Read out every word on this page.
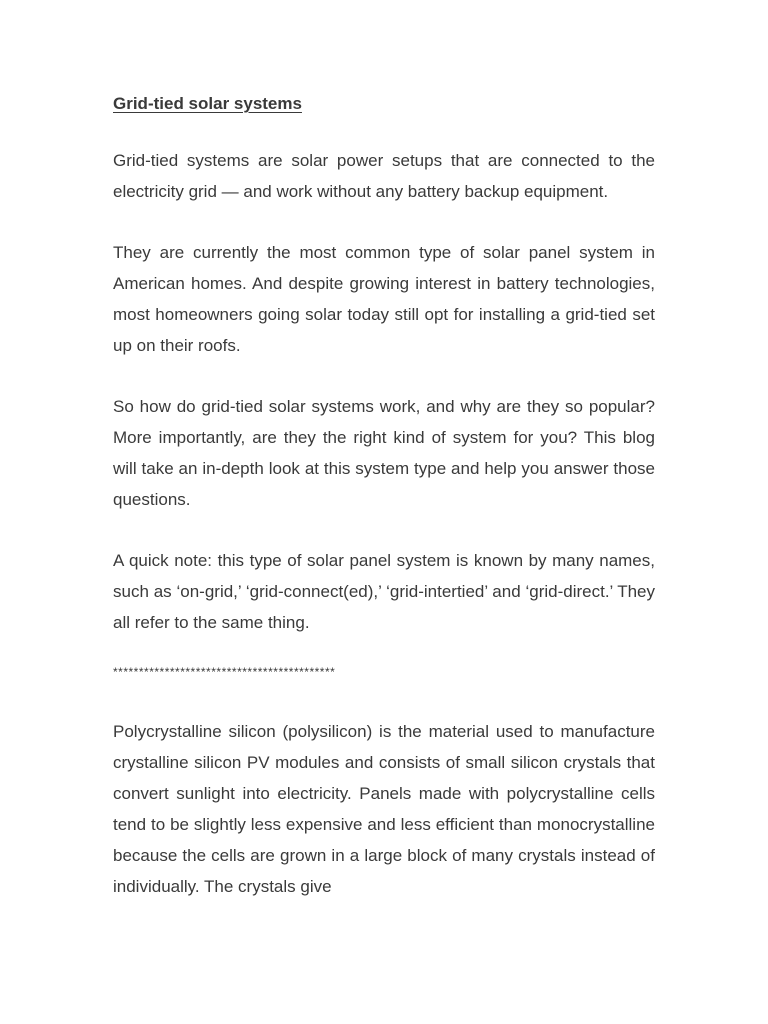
Grid-tied solar systems

Grid-tied systems are solar power setups that are connected to the electricity grid — and work without any battery backup equipment.

They are currently the most common type of solar panel system in American homes. And despite growing interest in battery technologies, most homeowners going solar today still opt for installing a grid-tied set up on their roofs.

So how do grid-tied solar systems work, and why are they so popular? More importantly, are they the right kind of system for you? This blog will take an in-depth look at this system type and help you answer those questions.

A quick note: this type of solar panel system is known by many names, such as ‘on-grid,’ ‘grid-connect(ed),’ ‘grid-intertied’ and ‘grid-direct.’ They all refer to the same thing.

*******************************************

Polycrystalline silicon (polysilicon) is the material used to manufacture crystalline silicon PV modules and consists of small silicon crystals that convert sunlight into electricity. Panels made with polycrystalline cells tend to be slightly less expensive and less efficient than monocrystalline because the cells are grown in a large block of many crystals instead of individually. The crystals give
